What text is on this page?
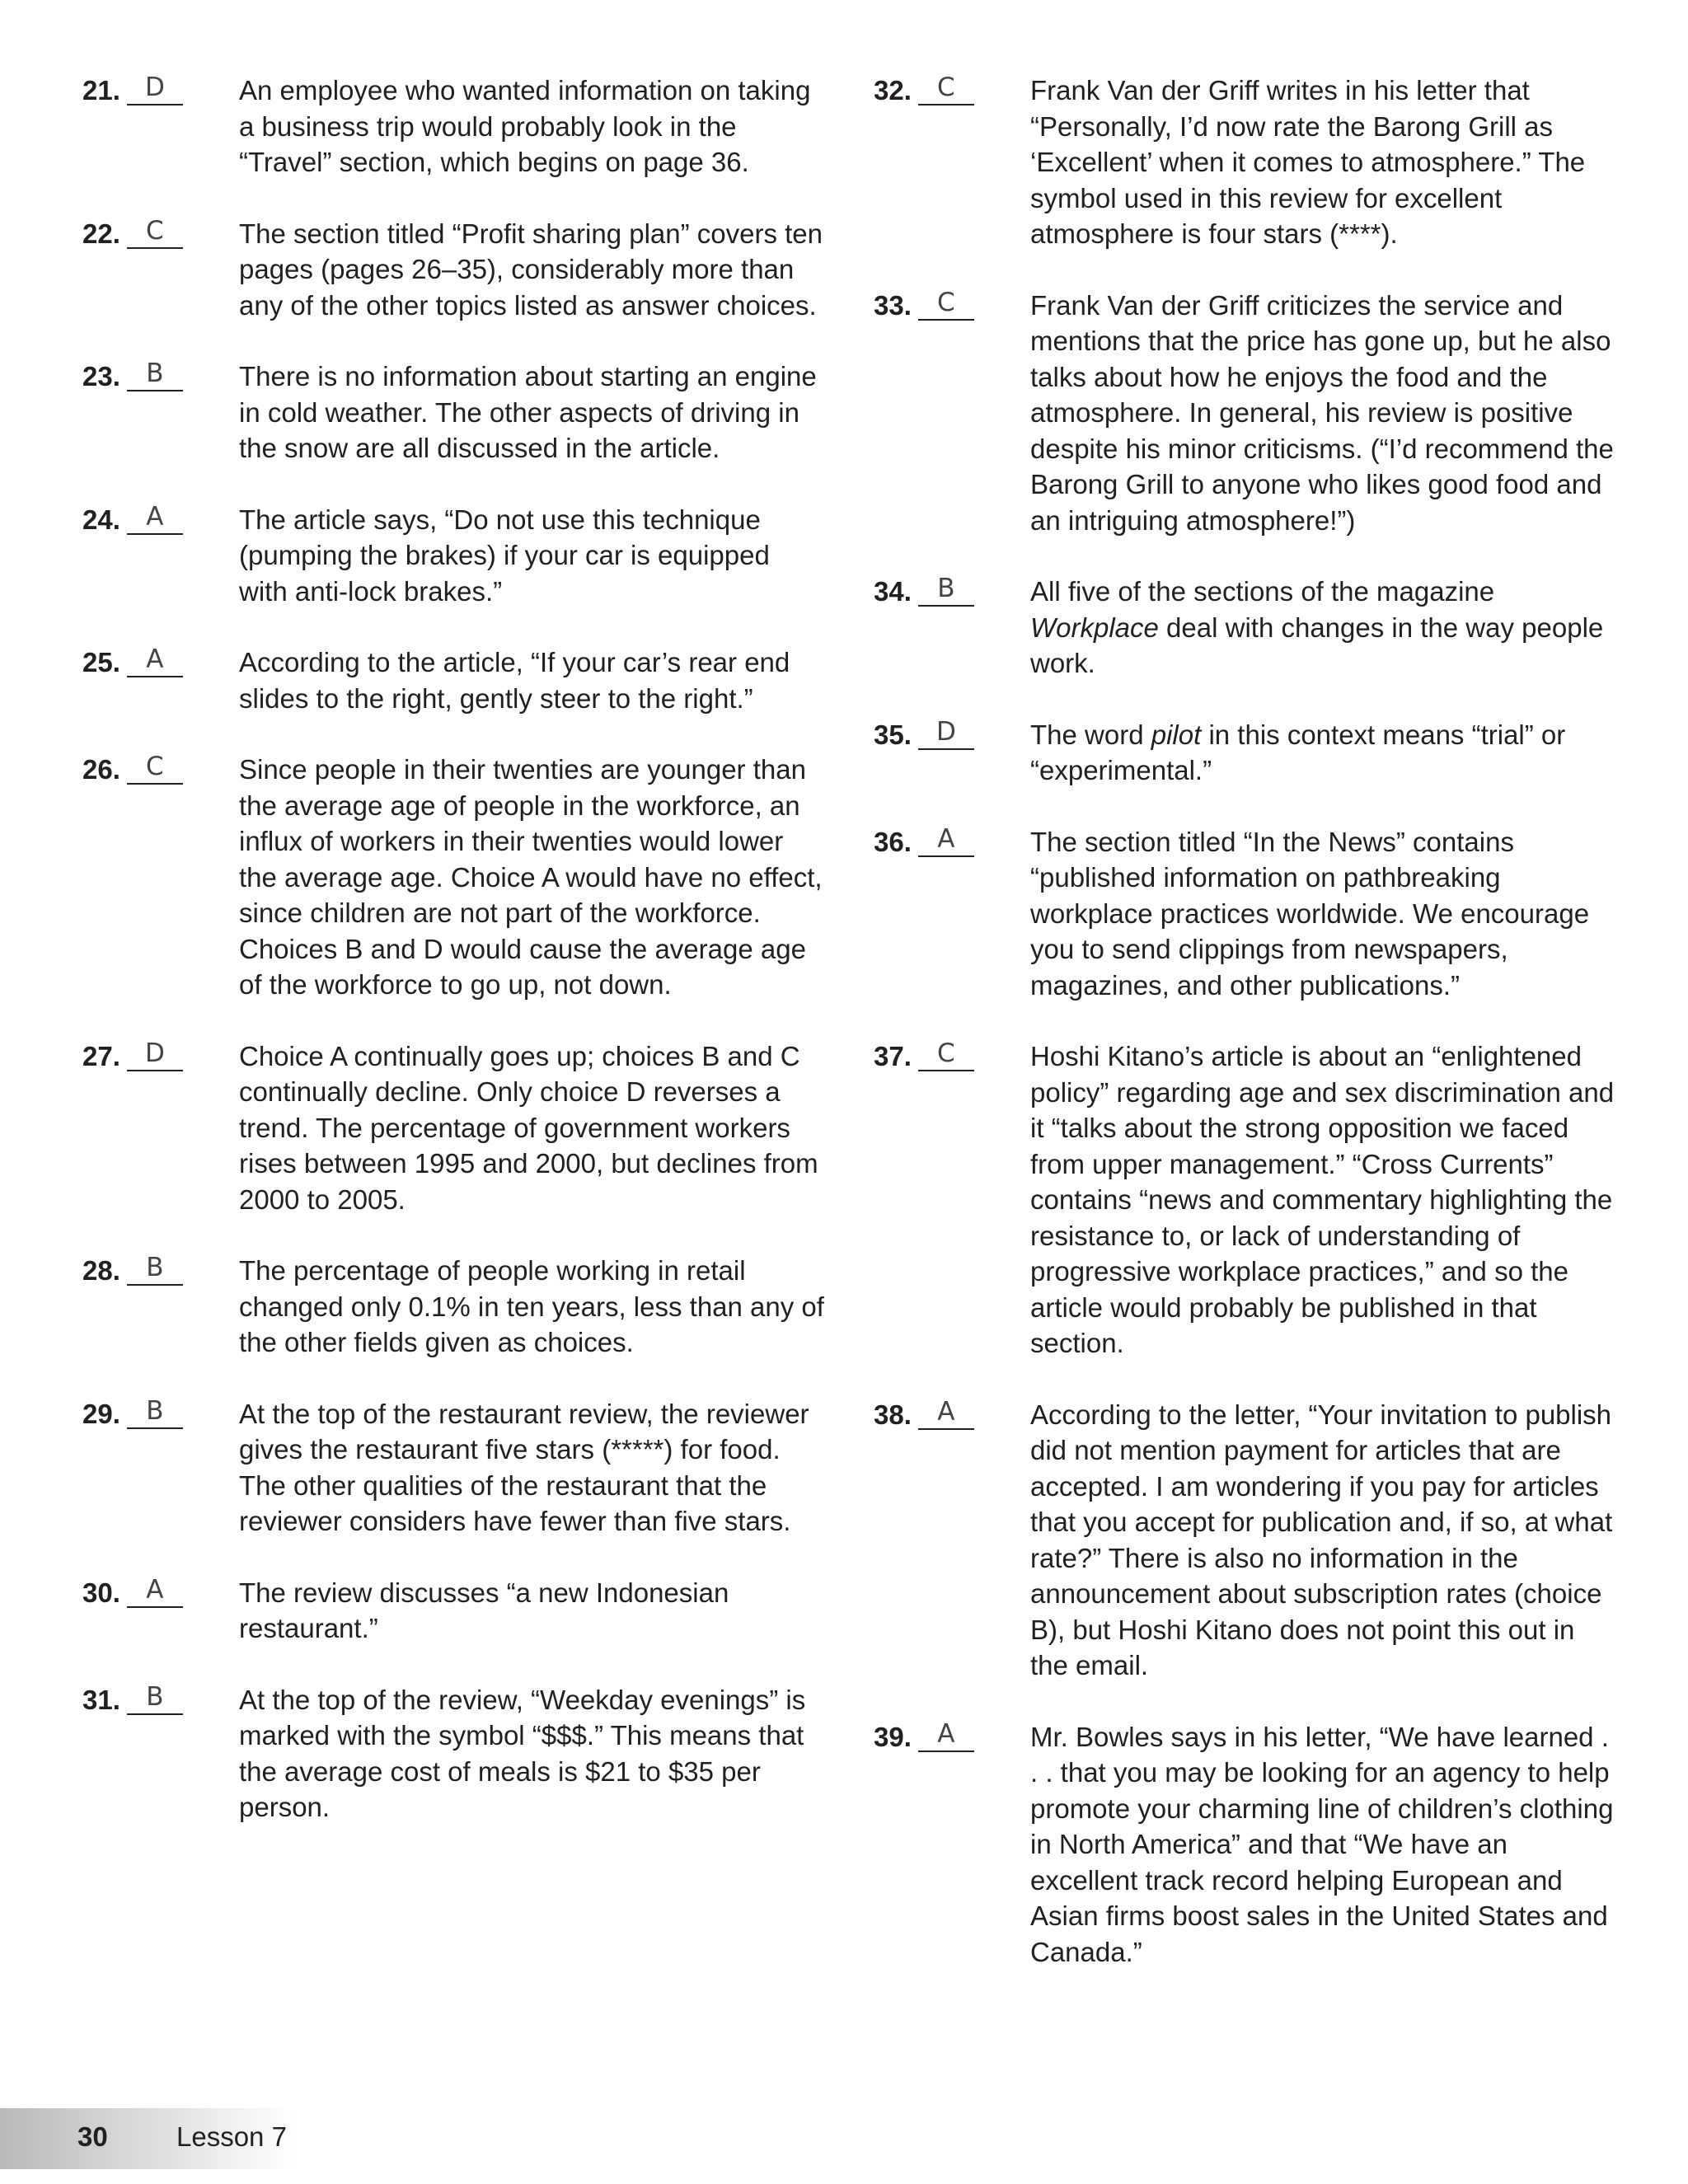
21. D	An employee who wanted information on taking a business trip would probably look in the “Travel” section, which begins on page 36.
22.	C	The section titled “Profit sharing plan” covers ten pages (pages 26–35), considerably more than any of the other topics listed as answer choices.
23.	B	There is no information about starting an engine in cold weather. The other aspects of driving in the snow are all discussed in the article.
24.	A	The article says, “Do not use this technique (pumping the brakes) if your car is equipped with anti-lock brakes.”
25.	A	According to the article, “If your car’s rear end slides to the right, gently steer to the right.”
26.	C	Since people in their twenties are younger than the average age of people in the workforce, an influx of workers in their twenties would lower the average age. Choice A would have no effect, since children are not part of the workforce. Choices B and D would cause the average age of the workforce to go up, not down.
27. D	Choice A continually goes up; choices B and C continually decline. Only choice D reverses a trend. The percentage of government workers rises between 1995 and 2000, but declines from 2000 to 2005.
28.	B	The percentage of people working in retail changed only 0.1% in ten years, less than any of the other fields given as choices.
29.	B	At the top of the restaurant review, the reviewer gives the restaurant five stars (*****) for food. The other qualities of the restaurant that the reviewer considers have fewer than five stars.
30.	A	The review discusses “a new Indonesian restaurant.”
31.	B	At the top of the review, “Weekday evenings” is marked with the symbol “$$$.” This means that the average cost of meals is $21 to $35 per person.
32.	C	Frank Van der Griff writes in his letter that “Personally, I’d now rate the Barong Grill as ‘Excellent’ when it comes to atmosphere.” The symbol used in this review for excellent atmosphere is four stars (****).
33.	C	Frank Van der Griff criticizes the service and mentions that the price has gone up, but he also talks about how he enjoys the food and the atmosphere. In general, his review is positive despite his minor criticisms. (“I’d recommend the Barong Grill to anyone who likes good food and an intriguing atmosphere!”)
34.	B	All five of the sections of the magazine Workplace deal with changes in the way people work.
35. D	The word pilot in this context means “trial” or “experimental.”
36.	A	The section titled “In the News” contains “published information on pathbreaking workplace practices worldwide. We encourage you to send clippings from newspapers, magazines, and other publications.”
37.	C	Hoshi Kitano’s article is about an “enlightened policy” regarding age and sex discrimination and it “talks about the strong opposition we faced from upper management.” “Cross Currents” contains “news and commentary highlighting the resistance to, or lack of understanding of progressive workplace practices,” and so the article would probably be published in that section.
38.	A	According to the letter, “Your invitation to publish did not mention payment for articles that are accepted. I am wondering if you pay for articles that you accept for publication and, if so, at what rate?” There is also no information in the announcement about subscription rates (choice B), but Hoshi Kitano does not point this out in the email.
39.	A	Mr. Bowles says in his letter, “We have learned . . . that you may be looking for an agency to help promote your charming line of children’s clothing in North America” and that “We have an excellent track record helping European and Asian firms boost sales in the United States and Canada.”
30	Lesson 7
